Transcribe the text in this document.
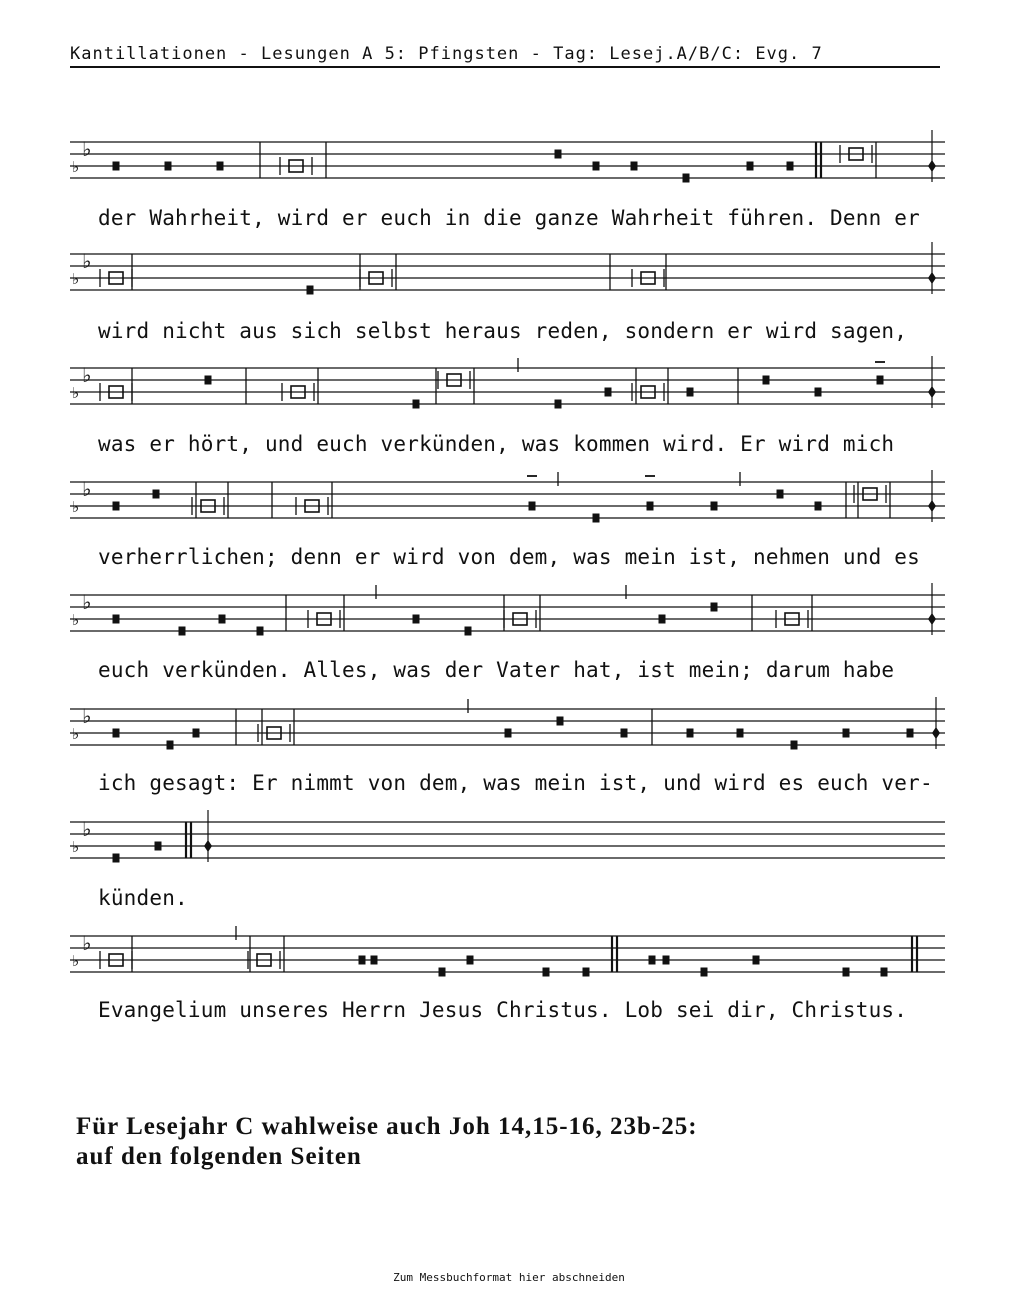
Kantillationen - Lesungen A 5: Pfingsten - Tag: Lesej.A/B/C: Evg. 7
♭
♭
der Wahrheit, wird er euch in die ganze Wahrheit führen. Denn er
♭
♭
wird nicht aus sich selbst heraus reden, sondern er wird sagen,
♭
♭
was er hört, und euch verkünden, was kommen wird. Er wird mich
♭
♭
verherrlichen; denn er wird von dem, was mein ist, nehmen und es
♭
♭
euch verkünden. Alles, was der Vater hat, ist mein; darum habe
♭
♭
ich gesagt: Er nimmt von dem, was mein ist, und wird es euch ver-
♭
♭
künden.
♭
♭
Evangelium unseres Herrn Jesus Christus. Lob sei dir, Christus.
Für Lesejahr C wahlweise auch Joh 14,15-16, 23b-25:
auf den folgenden Seiten
Zum Messbuchformat hier abschneiden
